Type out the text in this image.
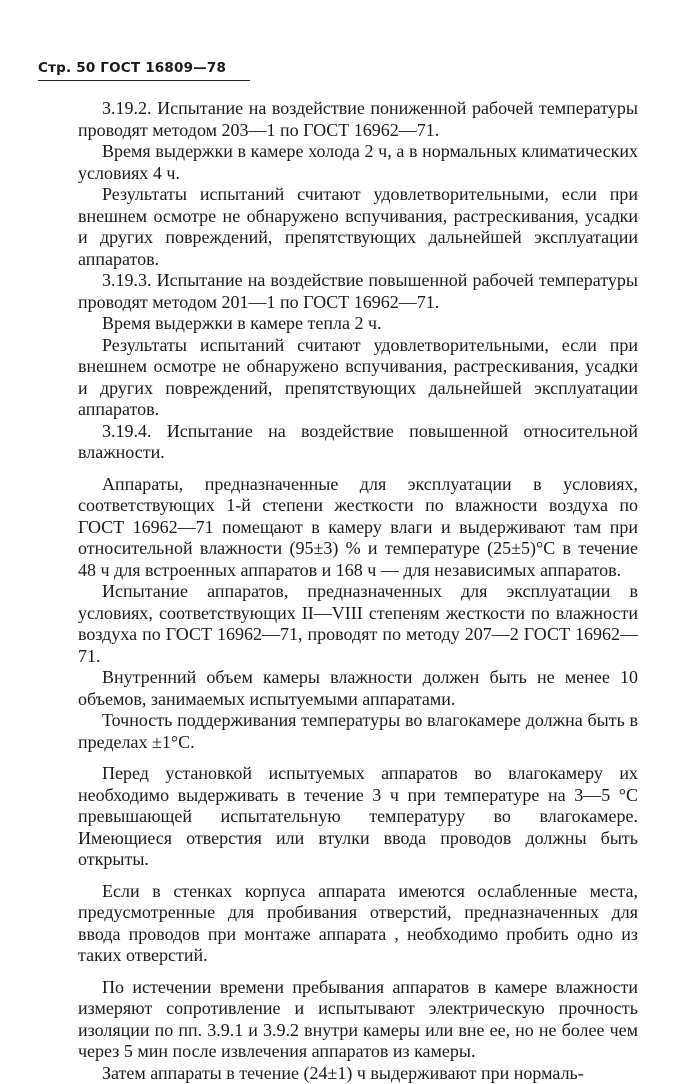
Стр. 50 ГОСТ 16809—78

3.19.2. Испытание на воздействие пониженной рабочей температуры проводят методом 203—1 по ГОСТ 16962—71.

Время выдержки в камере холода 2 ч, а в нормальных климатических условиях 4 ч.

Результаты испытаний считают удовлетворительными, если при внешнем осмотре не обнаружено вспучивания, растрескивания, усадки и других повреждений, препятствующих дальнейшей эксплуатации аппаратов.

3.19.3. Испытание на воздействие повышенной рабочей температуры проводят методом 201—1 по ГОСТ 16962—71.

Время выдержки в камере тепла 2 ч.

Результаты испытаний считают удовлетворительными, если при внешнем осмотре не обнаружено вспучивания, растрескивания, усадки и других повреждений, препятствующих дальнейшей эксплуатации аппаратов.

3.19.4. Испытание на воздействие повышенной относительной влажности.

Аппараты, предназначенные для эксплуатации в условиях, соответствующих 1-й степени жесткости по влажности воздуха по ГОСТ 16962—71 помещают в камеру влаги и выдерживают там при относительной влажности (95±3) % и температуре (25±5)°С в течение 48 ч для встроенных аппаратов и 168 ч — для независимых аппаратов.

Испытание аппаратов, предназначенных для эксплуатации в условиях, соответствующих II—VIII степеням жесткости по влажности воздуха по ГОСТ 16962—71, проводят по методу 207—2 ГОСТ 16962—71.

Внутренний объем камеры влажности должен быть не менее 10 объемов, занимаемых испытуемыми аппаратами.

Точность поддерживания температуры во влагокамере должна быть в пределах ±1°С.

Перед установкой испытуемых аппаратов во влагокамеру их необходимо выдерживать в течение 3 ч при температуре на 3—5 °С превышающей испытательную температуру во влагокамере. Имеющиеся отверстия или втулки ввода проводов должны быть открыты.

Если в стенках корпуса аппарата имеются ослабленные места, предусмотренные для пробивания отверстий, предназначенных для ввода проводов при монтаже аппарата , необходимо пробить одно из таких отверстий.

По истечении времени пребывания аппаратов в камере влажности измеряют сопротивление и испытывают электрическую прочность изоляции по пп. 3.9.1 и 3.9.2 внутри камеры или вне ее, но не более чем через 5 мин после извлечения аппаратов из камеры.

Затем аппараты в течение (24±1) ч выдерживают при нормаль-
